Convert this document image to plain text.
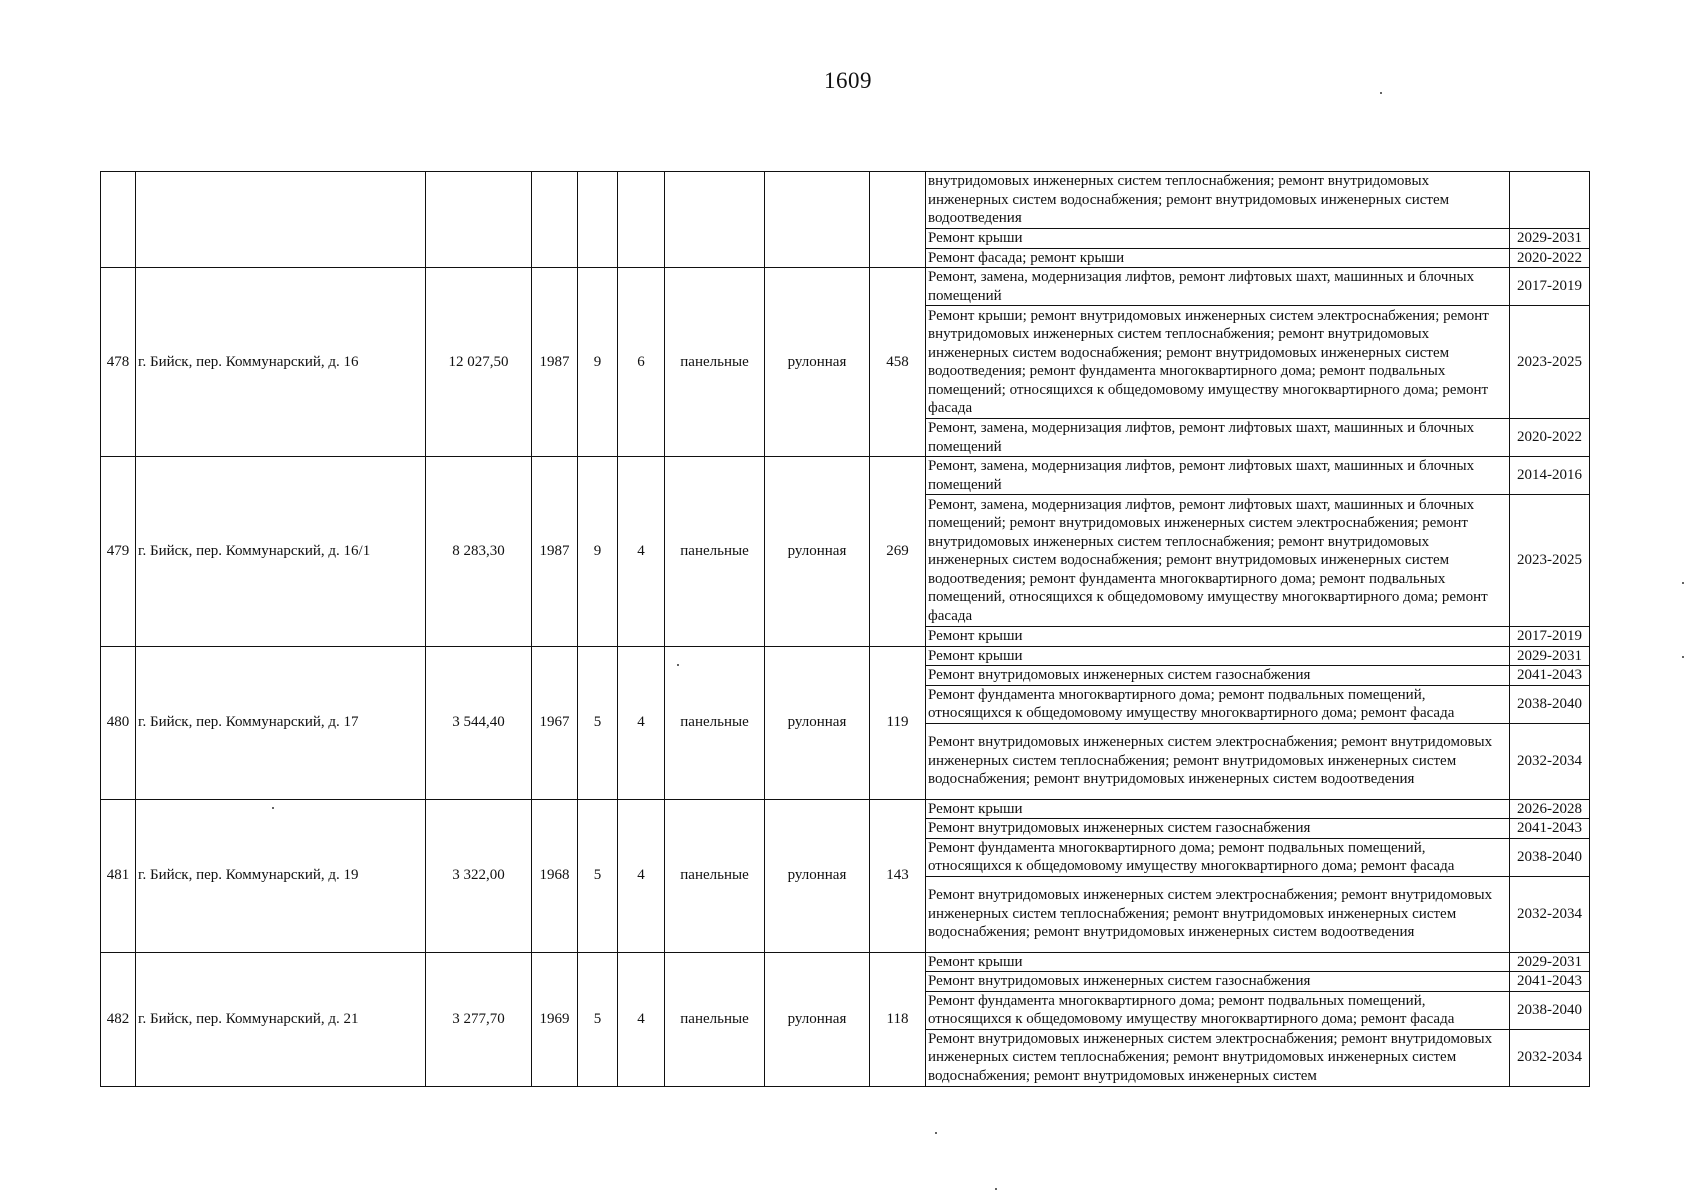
1609
									внутридомовых инженерных систем теплоснабжения; ремонт внутридомовых инженерных систем водоснабжения; ремонт внутридомовых инженерных систем водоотведения	
									Ремонт крыши	2029-2031
									Ремонт фасада; ремонт крыши	2020-2022
478	г. Бийск, пер. Коммунарский, д. 16	12 027,50	1987	9	6	панельные	рулонная	458	Ремонт, замена, модернизация лифтов, ремонт лифтовых шахт, машинных и блочных помещений	2017-2019
									Ремонт крыши; ремонт внутридомовых инженерных систем электроснабжения; ремонт внутридомовых инженерных систем теплоснабжения; ремонт внутридомовых инженерных систем водоснабжения; ремонт внутридомовых инженерных систем водоотведения; ремонт фундамента многоквартирного дома; ремонт подвальных помещений; относящихся к общедомовому имуществу многоквартирного дома; ремонт фасада	2023-2025
									Ремонт, замена, модернизация лифтов, ремонт лифтовых шахт, машинных и блочных помещений	2020-2022
479	г. Бийск, пер. Коммунарский, д. 16/1	8 283,30	1987	9	4	панельные	рулонная	269	Ремонт, замена, модернизация лифтов, ремонт лифтовых шахт, машинных и блочных помещений	2014-2016
									Ремонт, замена, модернизация лифтов, ремонт лифтовых шахт, машинных и блочных помещений; ремонт внутридомовых инженерных систем электроснабжения; ремонт внутридомовых инженерных систем теплоснабжения; ремонт внутридомовых инженерных систем водоснабжения; ремонт внутридомовых инженерных систем водоотведения; ремонт фундамента многоквартирного дома; ремонт подвальных помещений, относящихся к общедомовому имуществу многоквартирного дома; ремонт фасада	2023-2025
									Ремонт крыши	2017-2019
480	г. Бийск, пер. Коммунарский, д. 17	3 544,40	1967	5	4	панельные	рулонная	119	Ремонт крыши	2029-2031
									Ремонт внутридомовых инженерных систем газоснабжения	2041-2043
									Ремонт фундамента многоквартирного дома; ремонт подвальных помещений, относящихся к общедомовому имуществу многоквартирного дома; ремонт фасада	2038-2040
									Ремонт внутридомовых инженерных систем электроснабжения; ремонт внутридомовых инженерных систем теплоснабжения; ремонт внутридомовых инженерных систем водоснабжения; ремонт внутридомовых инженерных систем водоотведения	2032-2034
481	г. Бийск, пер. Коммунарский, д. 19	3 322,00	1968	5	4	панельные	рулонная	143	Ремонт крыши	2026-2028
									Ремонт внутридомовых инженерных систем газоснабжения	2041-2043
									Ремонт фундамента многоквартирного дома; ремонт подвальных помещений, относящихся к общедомовому имуществу многоквартирного дома; ремонт фасада	2038-2040
									Ремонт внутридомовых инженерных систем электроснабжения; ремонт внутридомовых инженерных систем теплоснабжения; ремонт внутридомовых инженерных систем водоснабжения; ремонт внутридомовых инженерных систем водоотведения	2032-2034
482	г. Бийск, пер. Коммунарский, д. 21	3 277,70	1969	5	4	панельные	рулонная	118	Ремонт крыши	2029-2031
									Ремонт внутридомовых инженерных систем газоснабжения	2041-2043
									Ремонт фундамента многоквартирного дома; ремонт подвальных помещений, относящихся к общедомовому имуществу многоквартирного дома; ремонт фасада	2038-2040
									Ремонт внутридомовых инженерных систем электроснабжения; ремонт внутридомовых инженерных систем теплоснабжения; ремонт внутридомовых инженерных систем водоснабжения; ремонт внутридомовых инженерных систем	2032-2034
